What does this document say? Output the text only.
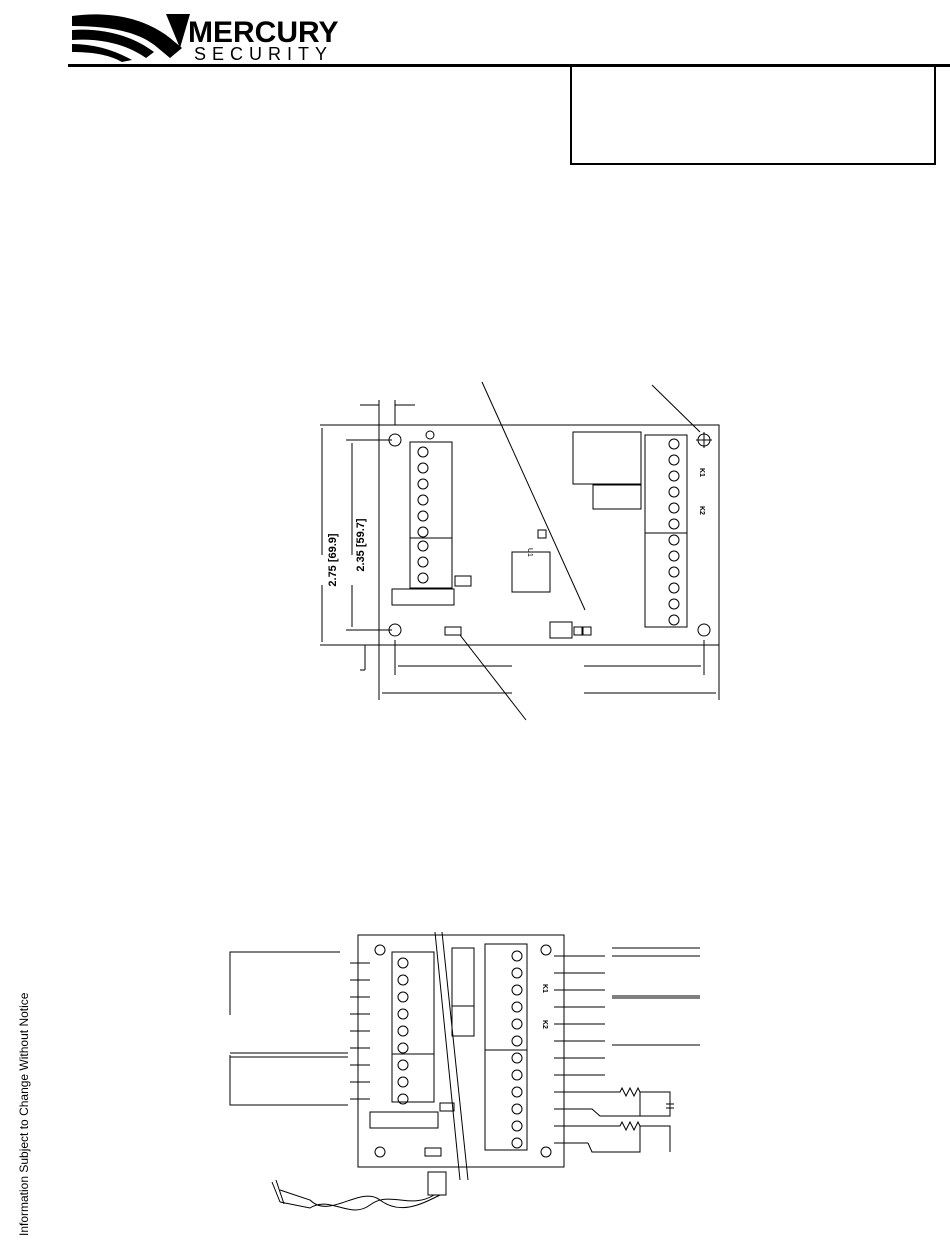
MERCURY
SECURITY
TM
2.75 [69.9] 2.35 [59.7]
K1
K2
U1
K1
K2
Information Subject to Change Without Notice
